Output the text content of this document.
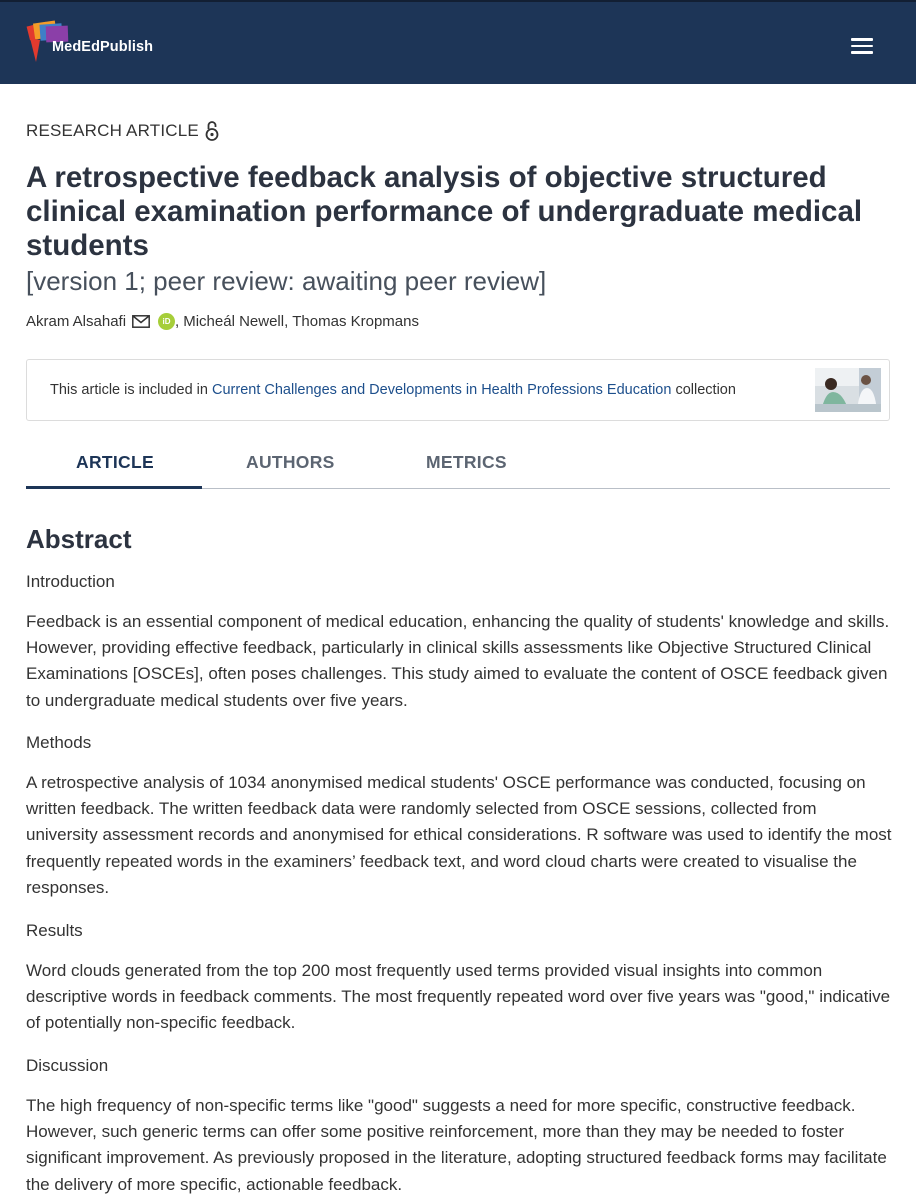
MedEdPublish
RESEARCH ARTICLE
A retrospective feedback analysis of objective structured clinical examination performance of undergraduate medical students
[version 1; peer review: awaiting peer review]
Akram Alsahafi	iD , Micheál Newell , Thomas Kropmans
This article is included in Current Challenges and Developments in Health Professions Education collection
ARTICLE	AUTHORS	METRICS
Abstract
Introduction

Feedback is an essential component of medical education, enhancing the quality of students' knowledge and skills. However, providing effective feedback, particularly in clinical skills assessments like Objective Structured Clinical Examinations [OSCEs], often poses challenges. This study aimed to evaluate the content of OSCE feedback given to undergraduate medical students over five years.

Methods

A retrospective analysis of 1034 anonymised medical students' OSCE performance was conducted, focusing on written feedback. The written feedback data were randomly selected from OSCE sessions, collected from university assessment records and anonymised for ethical considerations. R software was used to identify the most frequently repeated words in the examiners’ feedback text, and word cloud charts were created to visualise the responses.

Results

Word clouds generated from the top 200 most frequently used terms provided visual insights into common descriptive words in feedback comments. The most frequently repeated word over five years was "good," indicative of potentially non-specific feedback.

Discussion

The high frequency of non-specific terms like "good" suggests a need for more specific, constructive feedback. However, such generic terms can offer some positive reinforcement, more than they may be needed to foster significant improvement. As previously proposed in the literature, adopting structured feedback forms may facilitate the delivery of more specific, actionable feedback.
